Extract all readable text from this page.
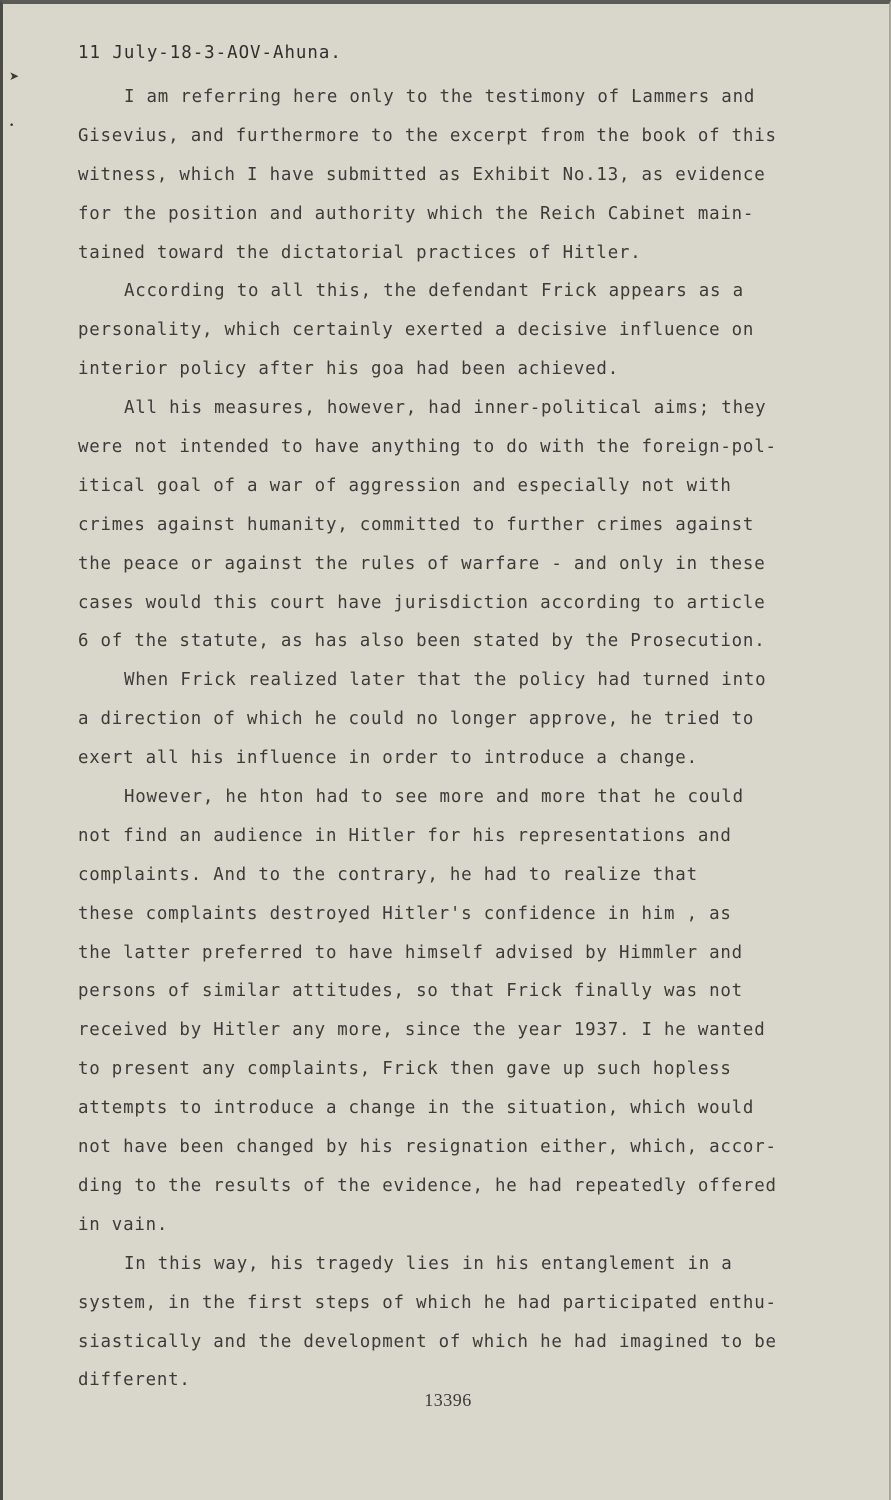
➤
•

11 July-18-3-AOV-Ahuna.

I am referring here only to the testimony of Lammers and

Gisevius, and furthermore to the excerpt from the book of this

witness, which I have submitted as Exhibit No.13, as evidence

for the position and authority which the Reich Cabinet main-

tained toward the dictatorial practices of Hitler.

According to all this, the defendant Frick appears as a

personality, which certainly exerted a decisive influence on

interior policy after his goa had been achieved.

All his measures, however, had inner-political aims; they

were not intended to have anything to do with the foreign-pol-

itical goal of a war of aggression and especially not with

crimes against humanity, committed to further crimes against

the peace or against the rules of warfare - and only in these

cases would this court have jurisdiction according to article

6 of the statute, as has also been stated by the Prosecution.

When Frick realized later that the policy had turned into

a direction of which he could no longer approve, he tried to

exert all his influence in order to introduce a change.

However, he hton had to see more and more that he could

not find an audience in Hitler for his representations and

complaints. And to the contrary, he had to realize that

these complaints destroyed Hitler's confidence in him , as

the latter preferred to have himself advised by Himmler and

persons of similar attitudes, so that Frick finally was not

received by Hitler any more, since the year 1937. I he wanted

to present any complaints, Frick then gave up such hopless

attempts to introduce a change in the situation, which would

not have been changed by his resignation either, which, accor-

ding to the results of the evidence, he had repeatedly offered

in vain.

In this way, his tragedy lies in his entanglement in a

system, in the first steps of which he had participated enthu-

siastically and the development of which he had imagined to be

different.

13396
